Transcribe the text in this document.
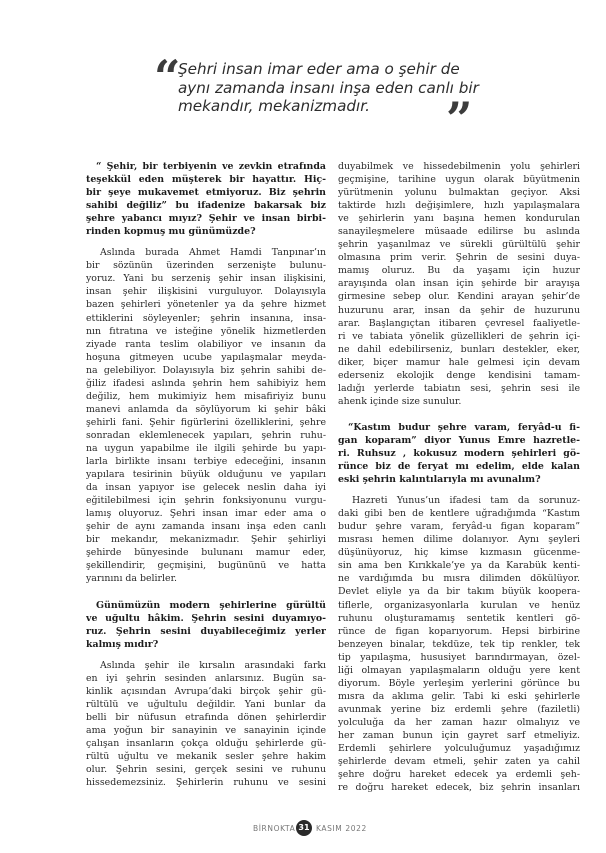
“
Şehri insan imar eder ama o şehir de
aynı zamanda insanı inşa eden canlı bir
mekandır, mekanizmadır.	”

“ Şehir, bir terbiyenin ve zevkin etrafında
teşekkül eden müşterek bir hayattır. Hiç-
bir şeye mukavemet etmiyoruz. Biz şehrin
sahibi değiliz” bu ifadenize bakarsak biz
şehre yabancı mıyız? Şehir ve insan birbi-
rinden kopmuş mu günümüzde?

Aslında burada Ahmet Hamdi Tanpınar’ın
bir sözünün üzerinden serzenişte bulunu-
yoruz. Yani bu serzeniş şehir insan ilişkisini,
insan şehir ilişkisini vurguluyor. Dolayısıyla
bazen şehirleri yönetenler ya da şehre hizmet
ettiklerini söyleyenler; şehrin insanına, insa-
nın fıtratına ve isteğine yönelik hizmetlerden
ziyade ranta teslim olabiliyor ve insanın da
hoşuna gitmeyen ucube yapılaşmalar meyda-
na gelebiliyor. Dolayısıyla biz şehrin sahibi de-
ğiliz ifadesi aslında şehrin hem sahibiyiz hem
değiliz, hem mukimiyiz hem misafiriyiz bunu
manevi anlamda da söylüyorum ki şehir bâki
şehirli fani. Şehir figürlerini özelliklerini, şehre
sonradan eklemlenecek yapıları, şehrin ruhu-
na uygun yapabilme ile ilgili şehirde bu yapı-
larla birlikte insanı terbiye edeceğini, insanın
yapılara tesirinin büyük olduğunu ve yapıları
da insan yapıyor ise gelecek neslin daha iyi
eğitilebilmesi için şehrin fonksiyonunu vurgu-
lamış oluyoruz. Şehri insan imar eder ama o
şehir de aynı zamanda insanı inşa eden canlı
bir mekandır, mekanizmadır. Şehir şehirliyi
şehirde bünyesinde bulunanı mamur eder,
şekillendirir, geçmişini, bugününü ve hatta
yarınını da belirler.

Günümüzün modern şehirlerine gürültü
ve uğultu hâkim. Şehrin sesini duyamıyo-
ruz. Şehrin sesini duyabileceğimiz yerler
kalmış mıdır?

Aslında şehir ile kırsalın arasındaki farkı
en iyi şehrin sesinden anlarsınız. Bugün sa-
kinlik açısından Avrupa’daki birçok şehir gü-
rültülü ve uğultulu değildir. Yani bunlar da
belli bir nüfusun etrafında dönen şehirlerdir
ama yoğun bir sanayinin ve sanayinin içinde
çalışan insanların çokça olduğu şehirlerde gü-
rültü uğultu ve mekanik sesler şehre hakim
olur. Şehrin sesini, gerçek sesini ve ruhunu
hissedemezsiniz. Şehirlerin ruhunu ve sesini

duyabilmek ve hissedebilmenin yolu şehirleri
geçmişine, tarihine uygun olarak büyütmenin
yürütmenin yolunu bulmaktan geçiyor. Aksi
taktirde hızlı değişimlere, hızlı yapılaşmalara
ve şehirlerin yanı başına hemen kondurulan
sanayileşmelere müsaade edilirse bu aslında
şehrin yaşanılmaz ve sürekli gürültülü şehir
olmasına prim verir. Şehrin de sesini duya-
mamış oluruz. Bu da yaşamı için huzur
arayışında olan insan için şehirde bir arayışa
girmesine sebep olur. Kendini arayan şehir’de
huzurunu arar, insan da şehir de huzurunu
arar. Başlangıçtan itibaren çevresel faaliyetle-
ri ve tabiata yönelik güzellikleri de şehrin içi-
ne dahil edebilirseniz, bunları destekler, eker,
diker, biçer mamur hale gelmesi için devam
ederseniz ekolojik denge kendisini tamam-
ladığı yerlerde tabiatın sesi, şehrin sesi ile
ahenk içinde size sunulur.

“Kastım budur şehre varam, feryâd-u fi-
gan koparam” diyor Yunus Emre hazretle-
ri. Ruhsuz , kokusuz modern şehirleri gö-
rünce biz de feryat mı edelim, elde kalan
eski şehrin kalıntılarıyla mı avunalım?

Hazreti Yunus’un ifadesi tam da sorunuz-
daki gibi ben de kentlere uğradığımda “Kastım
budur şehre varam, feryâd-u figan koparam”
mısrası hemen dilime dolanıyor. Aynı şeyleri
düşünüyoruz, hiç kimse kızmasın gücenme-
sin ama ben Kırıkkale’ye ya da Karabük kenti-
ne vardığımda bu mısra dilimden dökülüyor.
Devlet eliyle ya da bir takım büyük koopera-
tiflerle, organizasyonlarla kurulan ve henüz
ruhunu oluşturamamış sentetik kentleri gö-
rünce de figan koparıyorum. Hepsi birbirine
benzeyen binalar, tekdüze, tek tip renkler, tek
tip yapılaşma, hususiyet barındırmayan, özel-
liği olmayan yapılaşmaların olduğu yere kent
diyorum. Böyle yerleşim yerlerini görünce bu
mısra da aklıma gelir. Tabi ki eski şehirlerle
avunmak yerine biz erdemli şehre (faziletli)
yolculuğa da her zaman hazır olmalıyız ve
her zaman bunun için gayret sarf etmeliyiz.
Erdemli şehirlere yolculuğumuz yaşadığımız
şehirlerde devam etmeli, şehir zaten ya cahil
şehre doğru hareket edecek ya erdemli şeh-
re doğru hareket edecek, biz şehrin insanları

BİRNOKTA 31 KASIM 2022
